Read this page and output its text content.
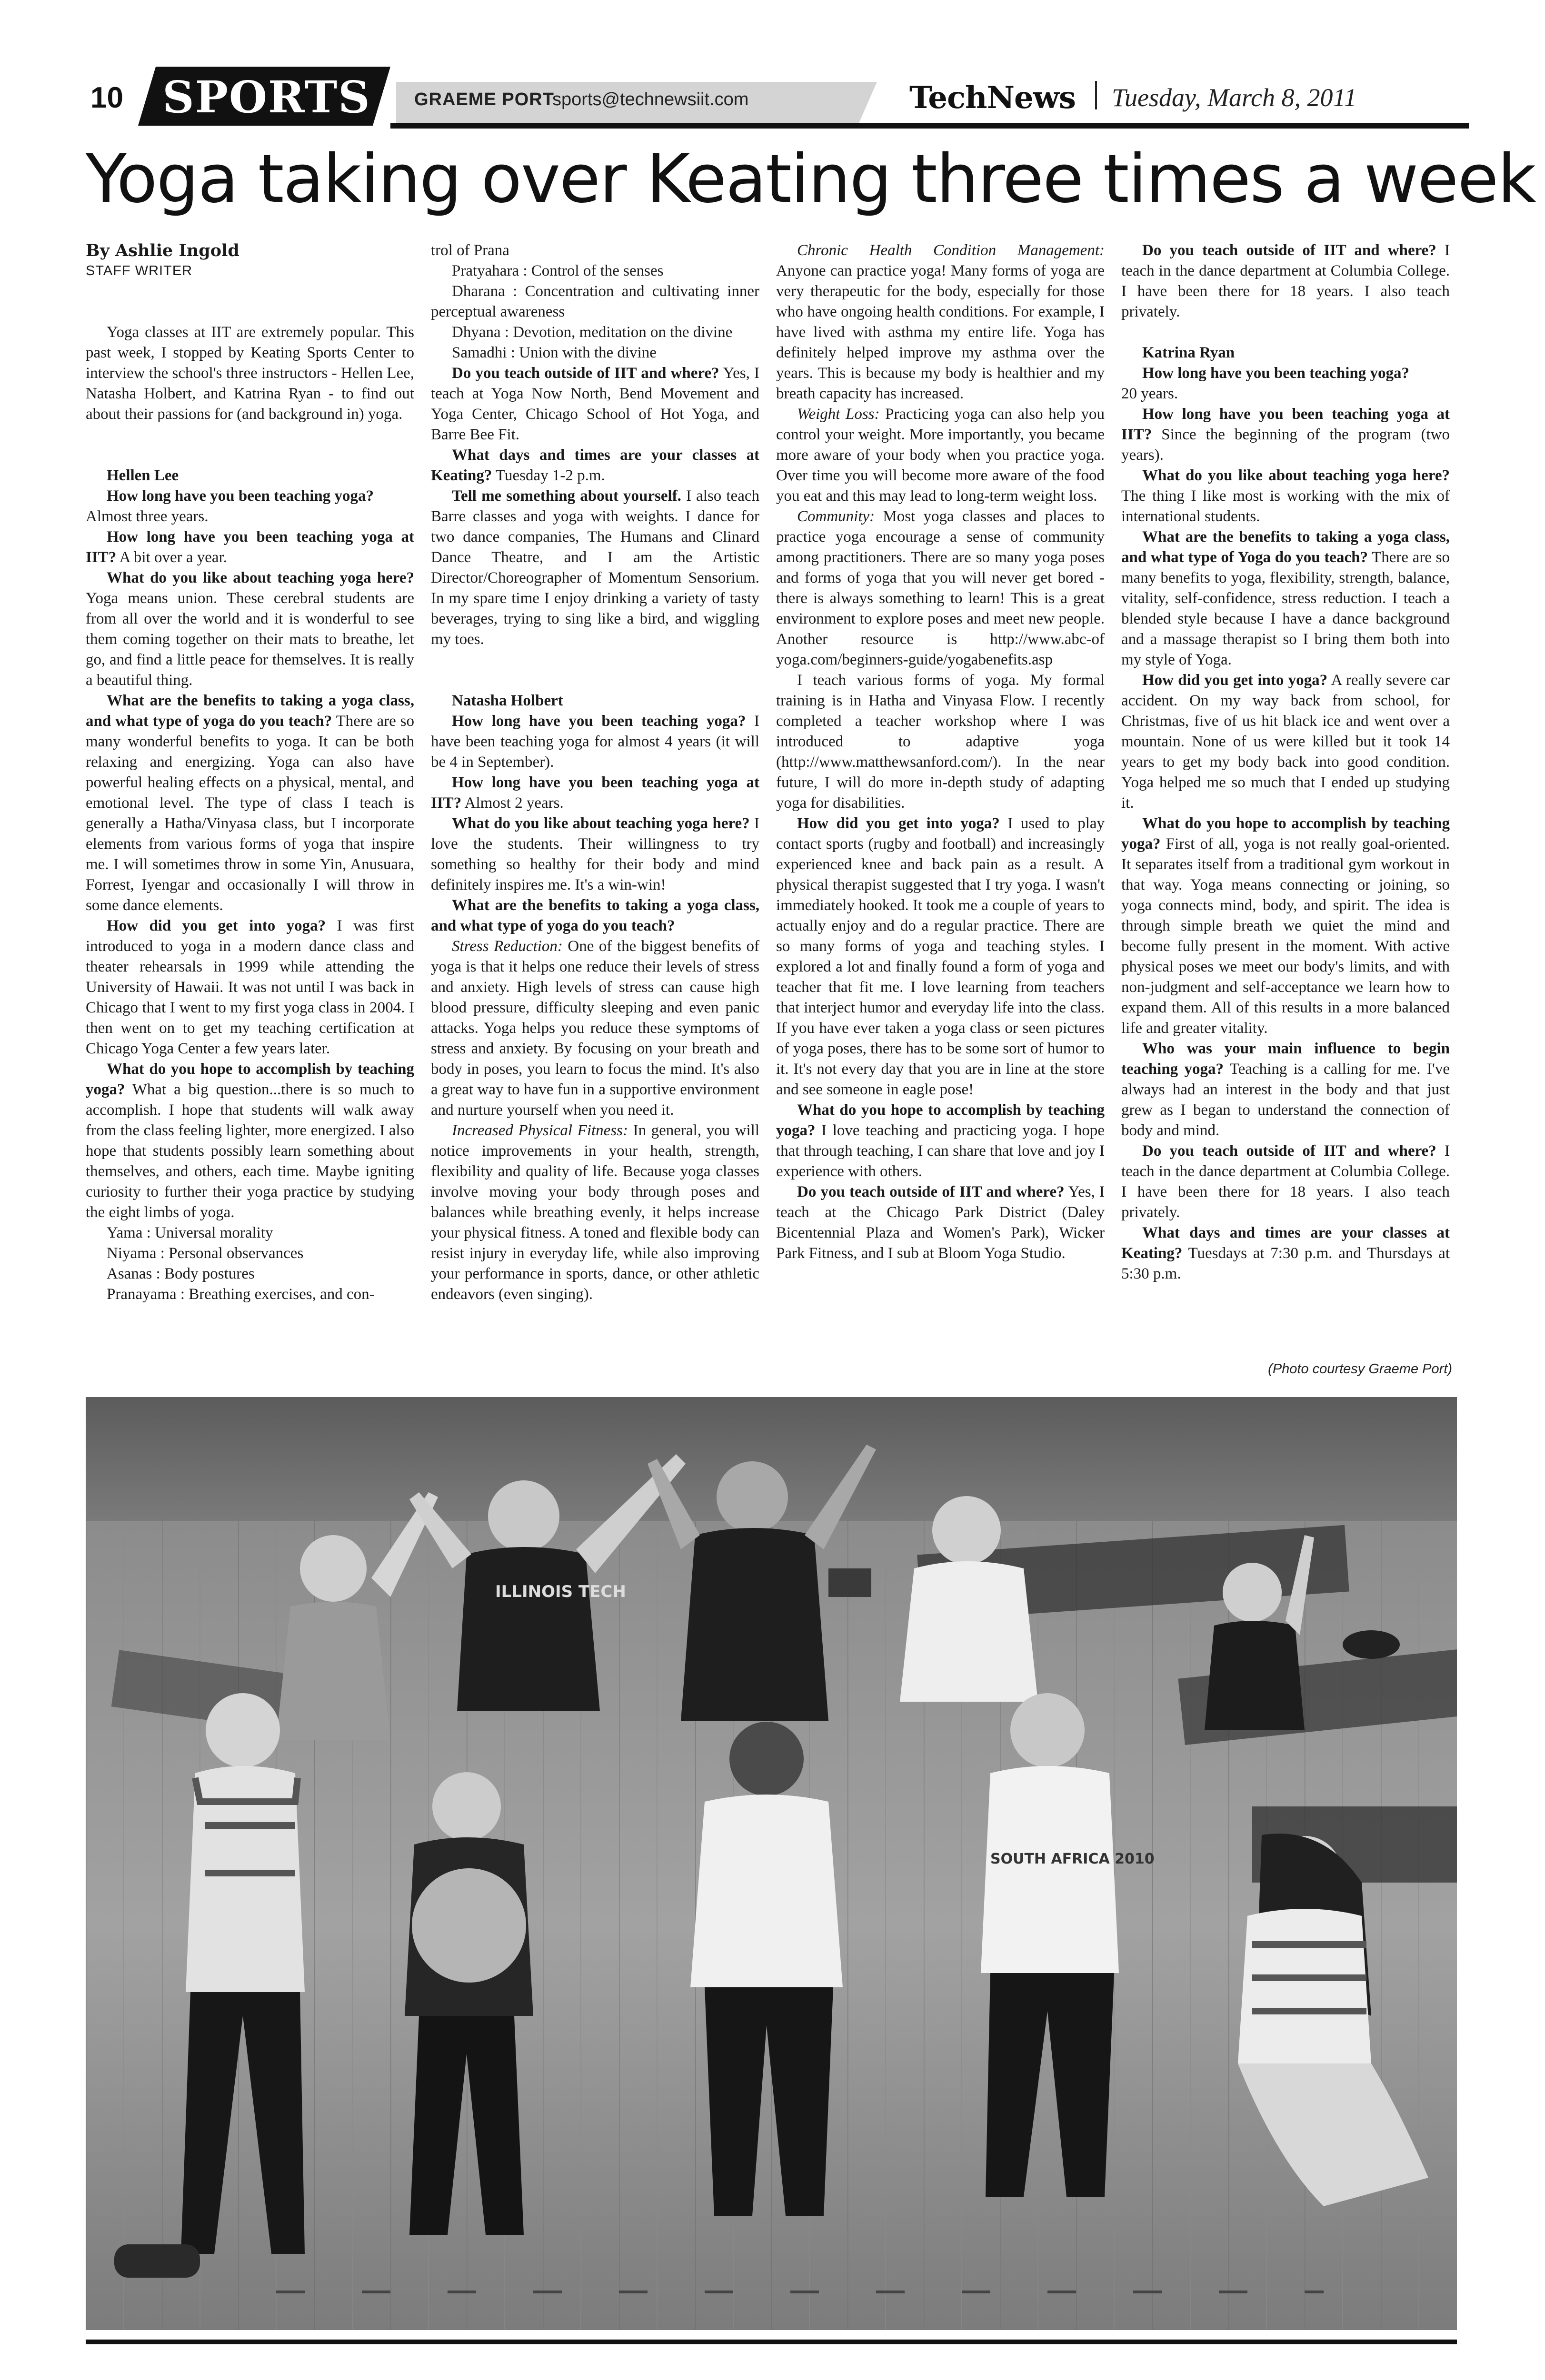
10 SPORTS GRAEME PORT
sports@technewsiit.com	TechNews Tuesday, March 8, 2011
Yoga taking over Keating three times a week

By Ashlie Ingold

STAFF WRITER

Yoga classes at IIT are extremely popular. This past week, I stopped by Keating Sports Center to interview the school's three instructors - Hellen Lee, Natasha Holbert, and Katrina Ryan - to find out about their passions for (and background in) yoga.

Hellen Lee

How long have you been teaching yoga?

Almost three years.

How long have you been teaching yoga at IIT? A bit over a year.

What do you like about teaching yoga here? Yoga means union. These cerebral students are from all over the world and it is wonderful to see them coming together on their mats to breathe, let go, and find a little peace for themselves. It is really a beautiful thing.

What are the benefits to taking a yoga class, and what type of yoga do you teach? There are so many wonderful benefits to yoga. It can be both relaxing and energizing. Yoga can also have powerful healing effects on a physical, mental, and emotional level. The type of class I teach is generally a Hatha/Vinyasa class, but I incorporate elements from various forms of yoga that inspire me. I will sometimes throw in some Yin, Anusuara, Forrest, Iyengar and occasionally I will throw in some dance elements.

How did you get into yoga? I was first introduced to yoga in a modern dance class and theater rehearsals in 1999 while attending the University of Hawaii. It was not until I was back in Chicago that I went to my first yoga class in 2004. I then went on to get my teaching certification at Chicago Yoga Center a few years later.

What do you hope to accomplish by teaching yoga? What a big question...there is so much to accomplish. I hope that students will walk away from the class feeling lighter, more energized. I also hope that students possibly learn something about themselves, and others, each time. Maybe igniting curiosity to further their yoga practice by studying the eight limbs of yoga.

Yama : Universal morality

Niyama : Personal observances

Asanas : Body postures

Pranayama : Breathing exercises, and con-

trol of Prana

Pratyahara : Control of the senses

Dharana : Concentration and cultivating inner perceptual awareness

Dhyana : Devotion, meditation on the divine

Samadhi : Union with the divine

Do you teach outside of IIT and where? Yes, I teach at Yoga Now North, Bend Movement and Yoga Center, Chicago School of Hot Yoga, and Barre Bee Fit.

What days and times are your classes at Keating? Tuesday 1-2 p.m.

Tell me something about yourself. I also teach Barre classes and yoga with weights. I dance for two dance companies, The Humans and Clinard Dance Theatre, and I am the Artistic Director/Choreographer of Momentum Sensorium. In my spare time I enjoy drinking a variety of tasty beverages, trying to sing like a bird, and wiggling my toes.

Natasha Holbert

How long have you been teaching yoga? I have been teaching yoga for almost 4 years (it will be 4 in September).

How long have you been teaching yoga at IIT? Almost 2 years.

What do you like about teaching yoga here? I love the students. Their willingness to try something so healthy for their body and mind definitely inspires me. It's a win-win!

What are the benefits to taking a yoga class, and what type of yoga do you teach?

Stress Reduction: One of the biggest benefits of yoga is that it helps one reduce their levels of stress and anxiety. High levels of stress can cause high blood pressure, difficulty sleeping and even panic attacks. Yoga helps you reduce these symptoms of stress and anxiety. By focusing on your breath and body in poses, you learn to focus the mind. It's also a great way to have fun in a supportive environment and nurture yourself when you need it.

Increased Physical Fitness: In general, you will notice improvements in your health, strength, flexibility and quality of life. Because yoga classes involve moving your body through poses and balances while breathing evenly, it helps increase your physical fitness. A toned and flexible body can resist injury in everyday life, while also improving your performance in sports, dance, or other athletic endeavors (even singing).

Chronic Health Condition Management: Anyone can practice yoga! Many forms of yoga are very therapeutic for the body, especially for those who have ongoing health conditions. For example, I have lived with asthma my entire life. Yoga has definitely helped improve my asthma over the years. This is because my body is healthier and my breath capacity has increased.

Weight Loss: Practicing yoga can also help you control your weight. More importantly, you became more aware of your body when you practice yoga. Over time you will become more aware of the food you eat and this may lead to long-term weight loss.

Community: Most yoga classes and places to practice yoga encourage a sense of community among practitioners. There are so many yoga poses and forms of yoga that you will never get bored - there is always something to learn! This is a great environment to explore poses and meet new people. Another resource is http://www.abc-of yoga.com/beginners-guide/yogabenefits.asp

I teach various forms of yoga. My formal training is in Hatha and Vinyasa Flow. I recently completed a teacher workshop where I was introduced to adaptive yoga (http://www.matthewsanford.com/). In the near future, I will do more in-depth study of adapting yoga for disabilities.

How did you get into yoga? I used to play contact sports (rugby and football) and increasingly experienced knee and back pain as a result. A physical therapist suggested that I try yoga. I wasn't immediately hooked. It took me a couple of years to actually enjoy and do a regular practice. There are so many forms of yoga and teaching styles. I explored a lot and finally found a form of yoga and teacher that fit me. I love learning from teachers that interject humor and everyday life into the class. If you have ever taken a yoga class or seen pictures of yoga poses, there has to be some sort of humor to it. It's not every day that you are in line at the store and see someone in eagle pose!

What do you hope to accomplish by teaching yoga? I love teaching and practicing yoga. I hope that through teaching, I can share that love and joy I experience with others.

Do you teach outside of IIT and where? Yes, I teach at the Chicago Park District (Daley Bicentennial Plaza and Women's Park), Wicker Park Fitness, and I sub at Bloom Yoga Studio.

Do you teach outside of IIT and where? I teach in the dance department at Columbia College. I have been there for 18 years. I also teach privately.

Katrina Ryan

How long have you been teaching yoga?

20 years.

How long have you been teaching yoga at IIT? Since the beginning of the program (two years).

What do you like about teaching yoga here? The thing I like most is working with the mix of international students.

What are the benefits to taking a yoga class, and what type of Yoga do you teach? There are so many benefits to yoga, flexibility, strength, balance, vitality, self-confidence, stress reduction. I teach a blended style because I have a dance background and a massage therapist so I bring them both into my style of Yoga.

How did you get into yoga? A really severe car accident. On my way back from school, for Christmas, five of us hit black ice and went over a mountain. None of us were killed but it took 14 years to get my body back into good condition. Yoga helped me so much that I ended up studying it.

What do you hope to accomplish by teaching yoga? First of all, yoga is not really goal-oriented. It separates itself from a traditional gym workout in that way. Yoga means connecting or joining, so yoga connects mind, body, and spirit. The idea is through simple breath we quiet the mind and become fully present in the moment. With active physical poses we meet our body's limits, and with non-judgment and self-acceptance we learn how to expand them. All of this results in a more balanced life and greater vitality.

Who was your main influence to begin teaching yoga? Teaching is a calling for me. I've always had an interest in the body and that just grew as I began to understand the connection of body and mind.

Do you teach outside of IIT and where? I teach in the dance department at Columbia College. I have been there for 18 years. I also teach privately.

What days and times are your classes at Keating? Tuesdays at 7:30 p.m. and Thursdays at 5:30 p.m.

(Photo courtesy Graeme Port)
ILLINOIS TECH
SOUTH AFRICA 2010
